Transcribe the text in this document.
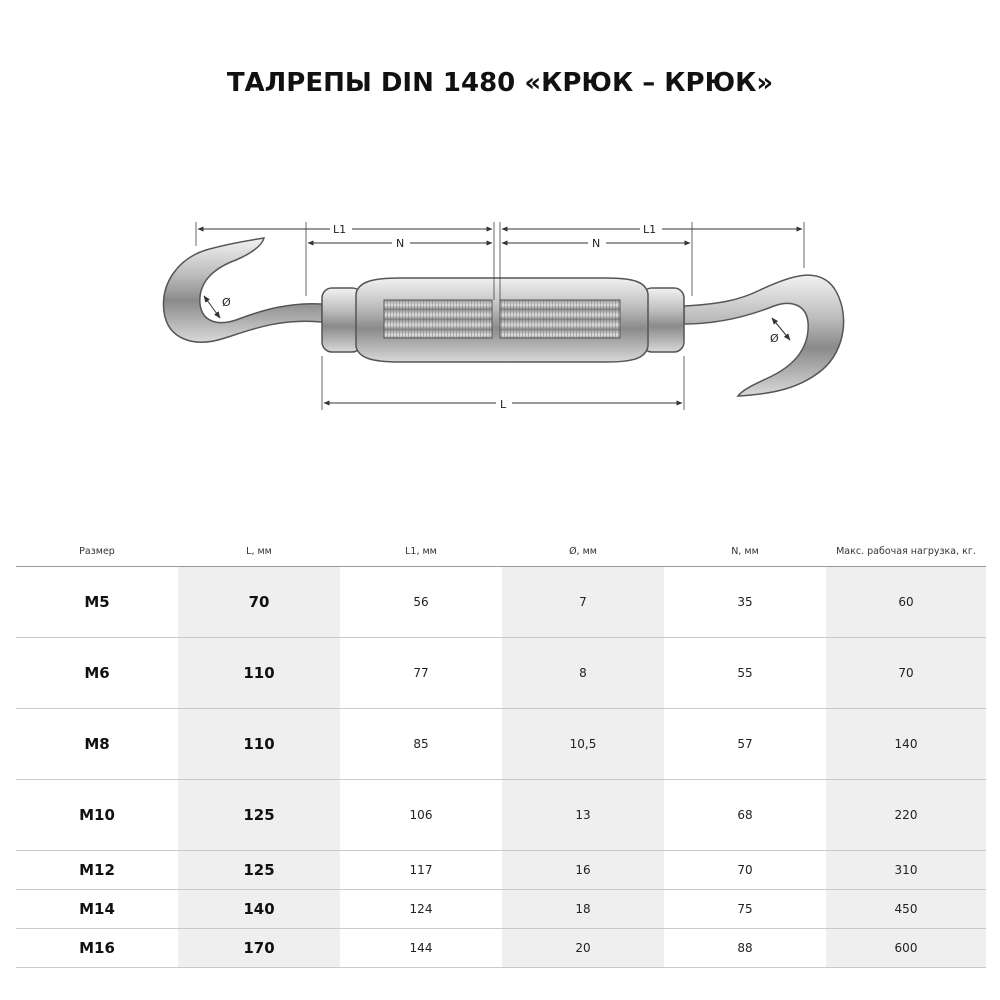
ТАЛРЕПЫ DIN 1480 «КРЮК – КРЮК»
Ø
Ø
L1
N	N
L1
L
Размер	L, мм	L1, мм	Ø, мм	N, мм	Макс. рабочая нагрузка, кг.
M5	70	56	7	35	60
M6	110	77	8	55	70
M8	110	85	10,5	57	140
M10	125	106	13	68	220
M12	125	117	16	70	310
M14	140	124	18	75	450
M16	170	144	20	88	600
